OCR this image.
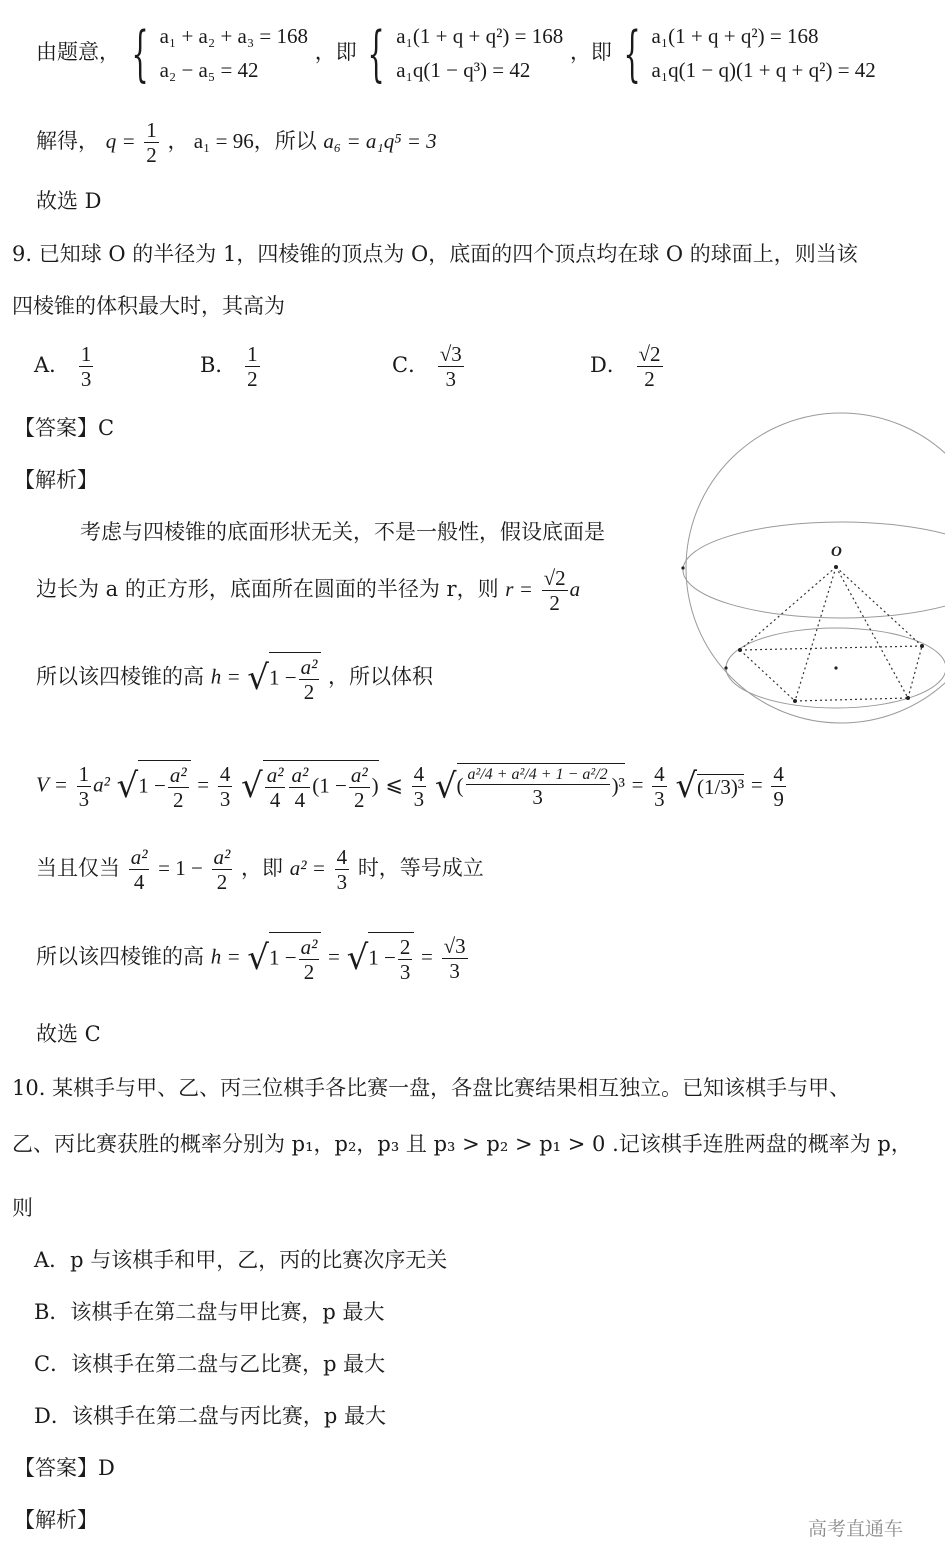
由题意， { a₁ + a₂ + a₃ = 168
a₂ − a₅ = 42
，即 { a₁(1 + q + q²) = 168
a₁q(1 − q³) = 42
，即 { a₁(1 + q + q²) = 168
a₁q(1 − q)(1 + q + q²) = 42
解得， $q = \frac{1}{2}$ ， a₁ = 96，所以 a₆ = a₁q⁵ = 3
故选 D
9. 已知球 O 的半径为 1，四棱锥的顶点为 O，底面的四个顶点均在球 O 的球面上，则当该
四棱锥的体积最大时，其高为
A． $\frac{1}{3}$	B． $\frac{1}{2}$	C． $\frac{√3}{3}$	D． $\frac{√2}{2}$
【答案】C
【解析】
考虑与四棱锥的底面形状无关，不是一般性，假设底面是
边长为 a 的正方形，底面所在圆面的半径为 r，则 $r = \frac{√2}{2}$ a
所以该四棱锥的高 $h = √1 - \frac{\text{a²}}{2}$ ，所以体积
$V = \frac{1}{3} a^2$ $√1 - \frac{\text{a²}}{2} = \frac{4}{3}$ √ $\frac{\text{a²}}{4} \frac{\text{a²}}{4} (1 - \frac{\text{a²}}{2}$ ) ⩽ $\frac{4}{3}$ √( $\frac{\text{a²/4 + a²/4 + 1 − a²/2}}{3} )^3 = \frac{4}{3} √(1/3)^3 = \frac{4}{9}$
当且仅当 $\frac{\text{a²}}{4} = 1 - \frac{\text{a²}}{2}$ ，即 $a^2 = \frac{4}{3}$ 时，等号成立
所以该四棱锥的高 $h = √1 - \frac{\text{a²}}{2} = √1 - \frac{2}{3} = \frac{√3}{3}$
故选 C
O
10. 某棋手与甲、乙、丙三位棋手各比赛一盘，各盘比赛结果相互独立。已知该棋手与甲、
乙、丙比赛获胜的概率分别为 p₁，p₂，p₃ 且 p₃ > p₂ > p₁ > 0 .记该棋手连胜两盘的概率为 p，
则
A．p 与该棋手和甲，乙，丙的比赛次序无关
B．该棋手在第二盘与甲比赛，p 最大
C．该棋手在第二盘与乙比赛，p 最大
D．该棋手在第二盘与丙比赛，p 最大
【答案】D
【解析】	高考直通车
